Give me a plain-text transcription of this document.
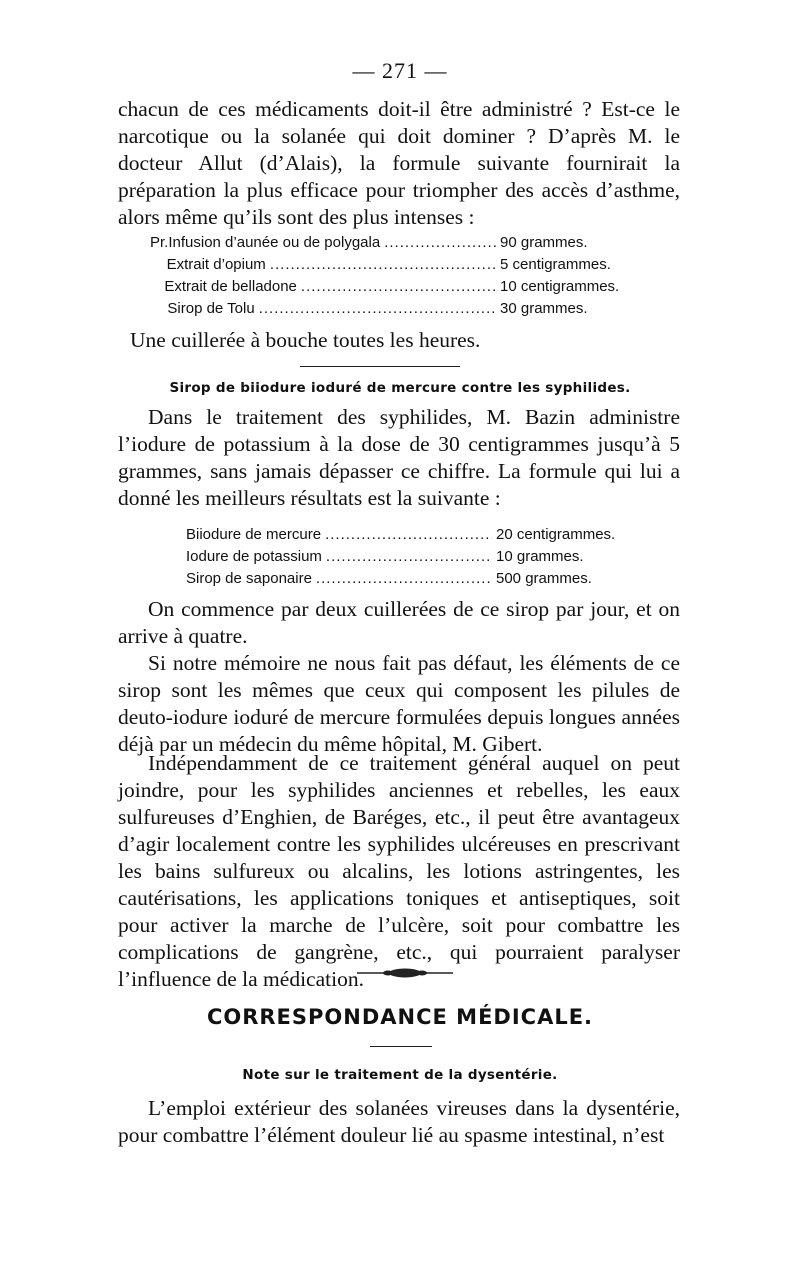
— 271 —

chacun de ces médicaments doit-il être administré ? Est-ce le narcotique ou la solanée qui doit dominer ? D’après M. le docteur Allut (d’Alais), la formule suivante fournirait la préparation la plus efficace pour triompher des accès d’asthme, alors même qu’ils sont des plus intenses :

Pr. Infusion d’aunée ou de polygala .....	90 grammes.
Extrait d’opium .....	5 centigrammes.
Extrait de belladone .....	10 centigrammes.
Sirop de Tolu .....	30 grammes.

Une cuillerée à bouche toutes les heures.

Sirop de biiodure ioduré de mercure contre les syphilides.

Dans le traitement des syphilides, M. Bazin administre l’iodure de potassium à la dose de 30 centigrammes jusqu’à 5 grammes, sans jamais dépasser ce chiffre. La formule qui lui a donné les meilleurs résultats est la suivante :

Biiodure de mercure .....	20 centigrammes.
Iodure de potassium .....	10 grammes.
Sirop de saponaire .....	500 grammes.

On commence par deux cuillerées de ce sirop par jour, et on arrive à quatre.

Si notre mémoire ne nous fait pas défaut, les éléments de ce sirop sont les mêmes que ceux qui composent les pilules de deuto-iodure ioduré de mercure formulées depuis longues années déjà par un médecin du même hôpital, M. Gibert.

Indépendamment de ce traitement général auquel on peut joindre, pour les syphilides anciennes et rebelles, les eaux sulfureuses d’Enghien, de Baréges, etc., il peut être avantageux d’agir localement contre les syphilides ulcéreuses en prescrivant les bains sulfureux ou alcalins, les lotions astringentes, les cautérisations, les applications toniques et antiseptiques, soit pour activer la marche de l’ulcère, soit pour combattre les complications de gangrène, etc., qui pourraient paralyser l’influence de la médication.

CORRESPONDANCE MÉDICALE.
Note sur le traitement de la dysentérie.

L’emploi extérieur des solanées vireuses dans la dysentérie, pour combattre l’élément douleur lié au spasme intestinal, n’est
